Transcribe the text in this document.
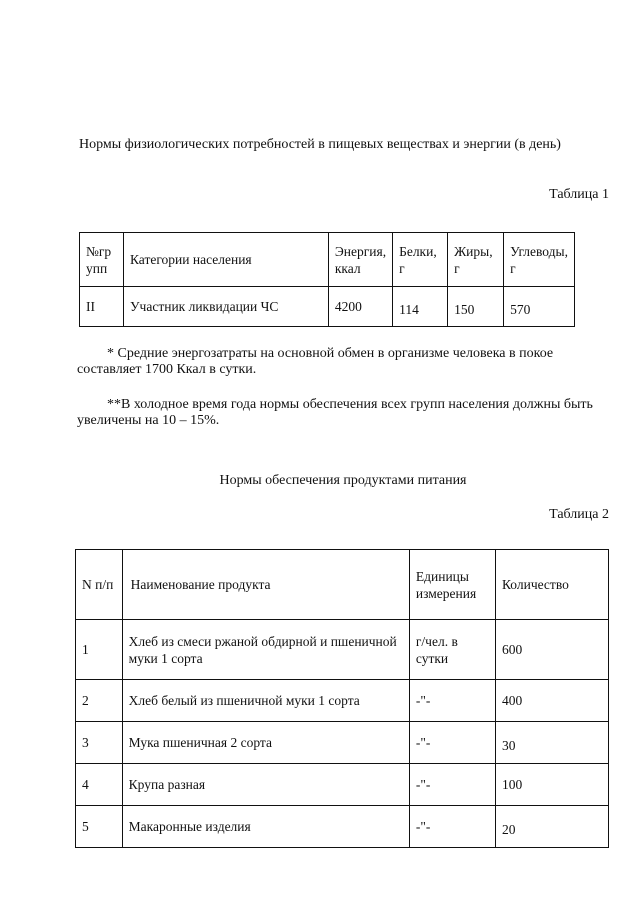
Нормы физиологических потребностей в пищевых веществах и энергии (в день)
Таблица 1
№гр упп	Категории населения	Энергия, ккал	Белки, г	Жиры, г	Углеводы, г
II	Участник ликвидации ЧС	4200	114	150	570
* Средние энергозатраты на основной обмен в организме человека в покое составляет 1700 Ккал в сутки.
**В холодное время года нормы обеспечения всех групп населения должны быть увеличены на 10 – 15%.
Нормы обеспечения продуктами питания
Таблица 2
N п/п	Наименование продукта	Единицы измерения	Количество
1	Хлеб из смеси ржаной обдирной и пшеничной муки 1 сорта	г/чел. в сутки	600
2	Хлеб белый из пшеничной муки 1 сорта	-"-	400
3	Мука пшеничная 2 сорта	-"-	30
4	Крупа разная	-"-	100
5	Макаронные изделия	-"-	20
